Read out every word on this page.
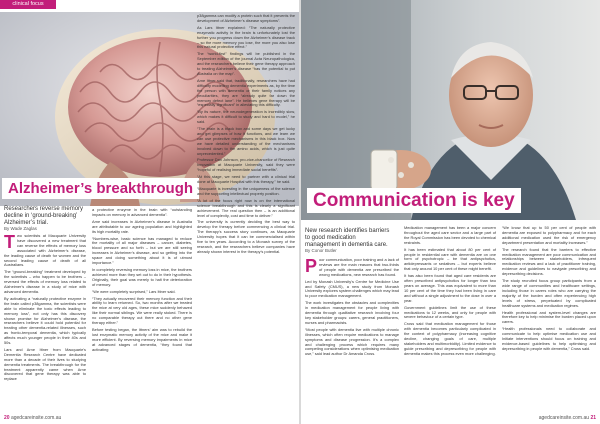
clinical focus
Alzheimer’s breakthrough
Researchers reverse memory decline in ‘ground-breaking’ Alzheimer’s trial.
By Wade Zaglas
T wo scientists at Macquarie University have discovered a new treatment that can reverse the effects of memory loss associated with Alzheimer’s disease, the leading cause of death for women and the second leading cause of death of all Australians.

The “ground-breaking” treatment developed by the scientists – who happen to be brothers – reversed the effects of memory loss related to Alzheimer’s disease in a study of mice with advanced dementia.

By activating a “naturally protective enzyme in the brain called p38gamma, the scientists were able to eliminate the toxic effects leading to memory loss”, not only has this discovery shown promise for Alzheimer’s disease, the researchers believe it could hold potential for treating other dementia-related illnesses, such as fronto-temporal dementia, which typically affects much younger people in their 40s and 50s.

Lars and Arne Ittner from Macquarie’s Dementia Research Centre have dedicated more than a decade of their lives to studying dementia treatments. The breakthrough for the treatment apparently came when Arne discovered that gene therapy was able to replace

a protective enzyme in the brain with “outstanding impacts on memory in advanced dementia”.

Arne said increases in Alzheimer’s disease in Australia are attributable to our ageing population and highlighted its high mortality rate.

“Numbers-wise, basic science has managed to reduce the mortality of all major diseases – cancer, diabetes, blood pressure and so forth – but we are still seeing increases in Alzheimer’s disease, and so getting into the space and doing something about it is of utmost importance.”

In completely reversing memory loss in mice, the brothers achieved more than they set out to do in their hypothesis. Originally, their goal was merely to halt the deterioration of memory.

“We were completely surprised,” Lars Ittner said.

“They actually recovered their memory function and their ability to learn returned. So, two months after we treated the mice at very old ages, these mice suddenly behaved like their normal siblings. We were really stoked. There is no comparable therapy out there and no other gene therapy either.”

Before testing began, the Ittners’ aim was to rebuild the lost enzymatic memory activity of the mice and make it more efficient. By reversing memory impairments in mice at advanced stages of dementia, “they found that activating

p38gamma can modify a protein such that it prevents the development of Alzheimer’s disease symptoms”.

As Lars Ittner explained: “The naturally protective enzymatic activity in the brain is unfortunately lost the further you progress down the Alzheimer’s disease track – so the more memory you lose, the more you also lose this natural protective effect.”

The “world-first” findings will be published in the September edition of the journal Acta Neuropathologica, and the researchers believe their gene therapy approach to treating Alzheimer’s disease “has the potential to put Australia on the map”.

Arne Ittner said that, traditionally, researchers have had difficulty modelling dementia experiments as, by the time the person with dementia or their family notices any peculiarities, they are “already quite far down the memory defect lane”. He believes gene therapy will be “especially significant” in alleviating this difficulty.

“By its nature, the neurodegeneration is incredibly slow, which makes it difficult to study and hard to model,” he said.

“The brain is a black box and some days we get lucky and get glimpses of how it functions, and we learn we can use protective mechanisms in this black box. Now we have detailed understanding of the mechanisms involved down to the amino acids, which is just quite unprecedented.”

Professor Dan Johnson, pro-vice-chancellor of Research Innovation at Macquarie University, said they were “hopeful of realising immediate social benefits”.

“At this stage, we need to partner with a clinical trial done at Macquarie Hospital with this therapy,” he said.

“Macquarie is investing in the uniqueness of the science and the supporting intellectual property position.

“A lot of the focus right now is on the international science breakthrough and this is clearly a significant achievement. The real question then – is an additional level of complexity, cost and time to deliver.”

The university is currently deciding the best way to develop the therapy before commencing a clinical trial. The therapy’s success story continues, as Macquarie University hopes that it can be commercialised within five to ten years. According to a Monash survey of the research, and the researchers believe companies have already shown interest in the therapy’s potential.

20 agedcareinsite.com.au
Communication is key
New research identifies barriers to good medication management in dementia care.
By Conor Butler
P oor communication, poor training and a lack of reviews are the main reasons that two-thirds of people with dementia are prescribed the wrong medications, new research has found.

Led by Monash University’s Centre for Medicine Use and Safety (CMUS), a new study from Monash University explores system challenges which may lead to poor medication management.

The work investigates the obstacles and complexities in medication management for people living with dementia through qualitative research involving four key stakeholder groups: carers, general practitioners, nurses and pharmacists.

“Most people with dementia live with multiple chronic illnesses, which often require medications to manage symptoms and disease progression. It’s a complex and challenging process which requires many competing considerations when optimising medication use,” said lead author Dr Amanda Cross.

Medication management has been a major concern throughout the aged care sector and a large part of the Royal Commission has been devoted to chemical restraints.

It has been estimated that about 80 per cent of people in residential care with dementia are on one form of psychotropic – be that antipsychotics, antidepressants or sedatives – but experts believe that only around 10 per cent of these might benefit.

It has also been found that aged care residents are often prescribed antipsychotics for longer than two years on average. This was equivalent to more than 10 per cent of the time they had been living in care and without a single adjustment to the dose in over a year.

Government guidelines limit the use of these medications to 12 weeks, and only for people with severe behaviour of a certain type.

Cross said that medication management for those with dementia becomes particularly complicated in the context of polypharmacy (increasing cognitive decline, changing goals of care, multiple stakeholders and multimorbidity). Limited evidence to guide prescribing and deprescribing for people with dementia makes this process even more challenging.

“We know that up to 50 per cent of people with dementia are exposed to polypharmacy and for each additional medication used the risk of emergency department presentation and mortality increases.”

The research found that the barriers to effective medication management are poor communication and relationships between stakeholders, infrequent medication reviews and a lack of practitioner training, evidence and guidelines to navigate prescribing and deprescribing decisions.

The study recruited focus group participants from a wide range of communities and healthcare settings, including those in carers roles who are carrying the majority of the burden and often experiencing high levels of stress, perpetuated by complicated healthcare systems and medication regimes.

Health professional and system-level changes are therefore key to help minimise the burden placed upon carers.

“Health professionals need to collaborate and communicate to help optimise medication use and Initiate interventions should focus on training and evidence-based guidelines to help optimising and deprescribing in people with dementia,” Cross said.

agedcareinsite.com.au 21
